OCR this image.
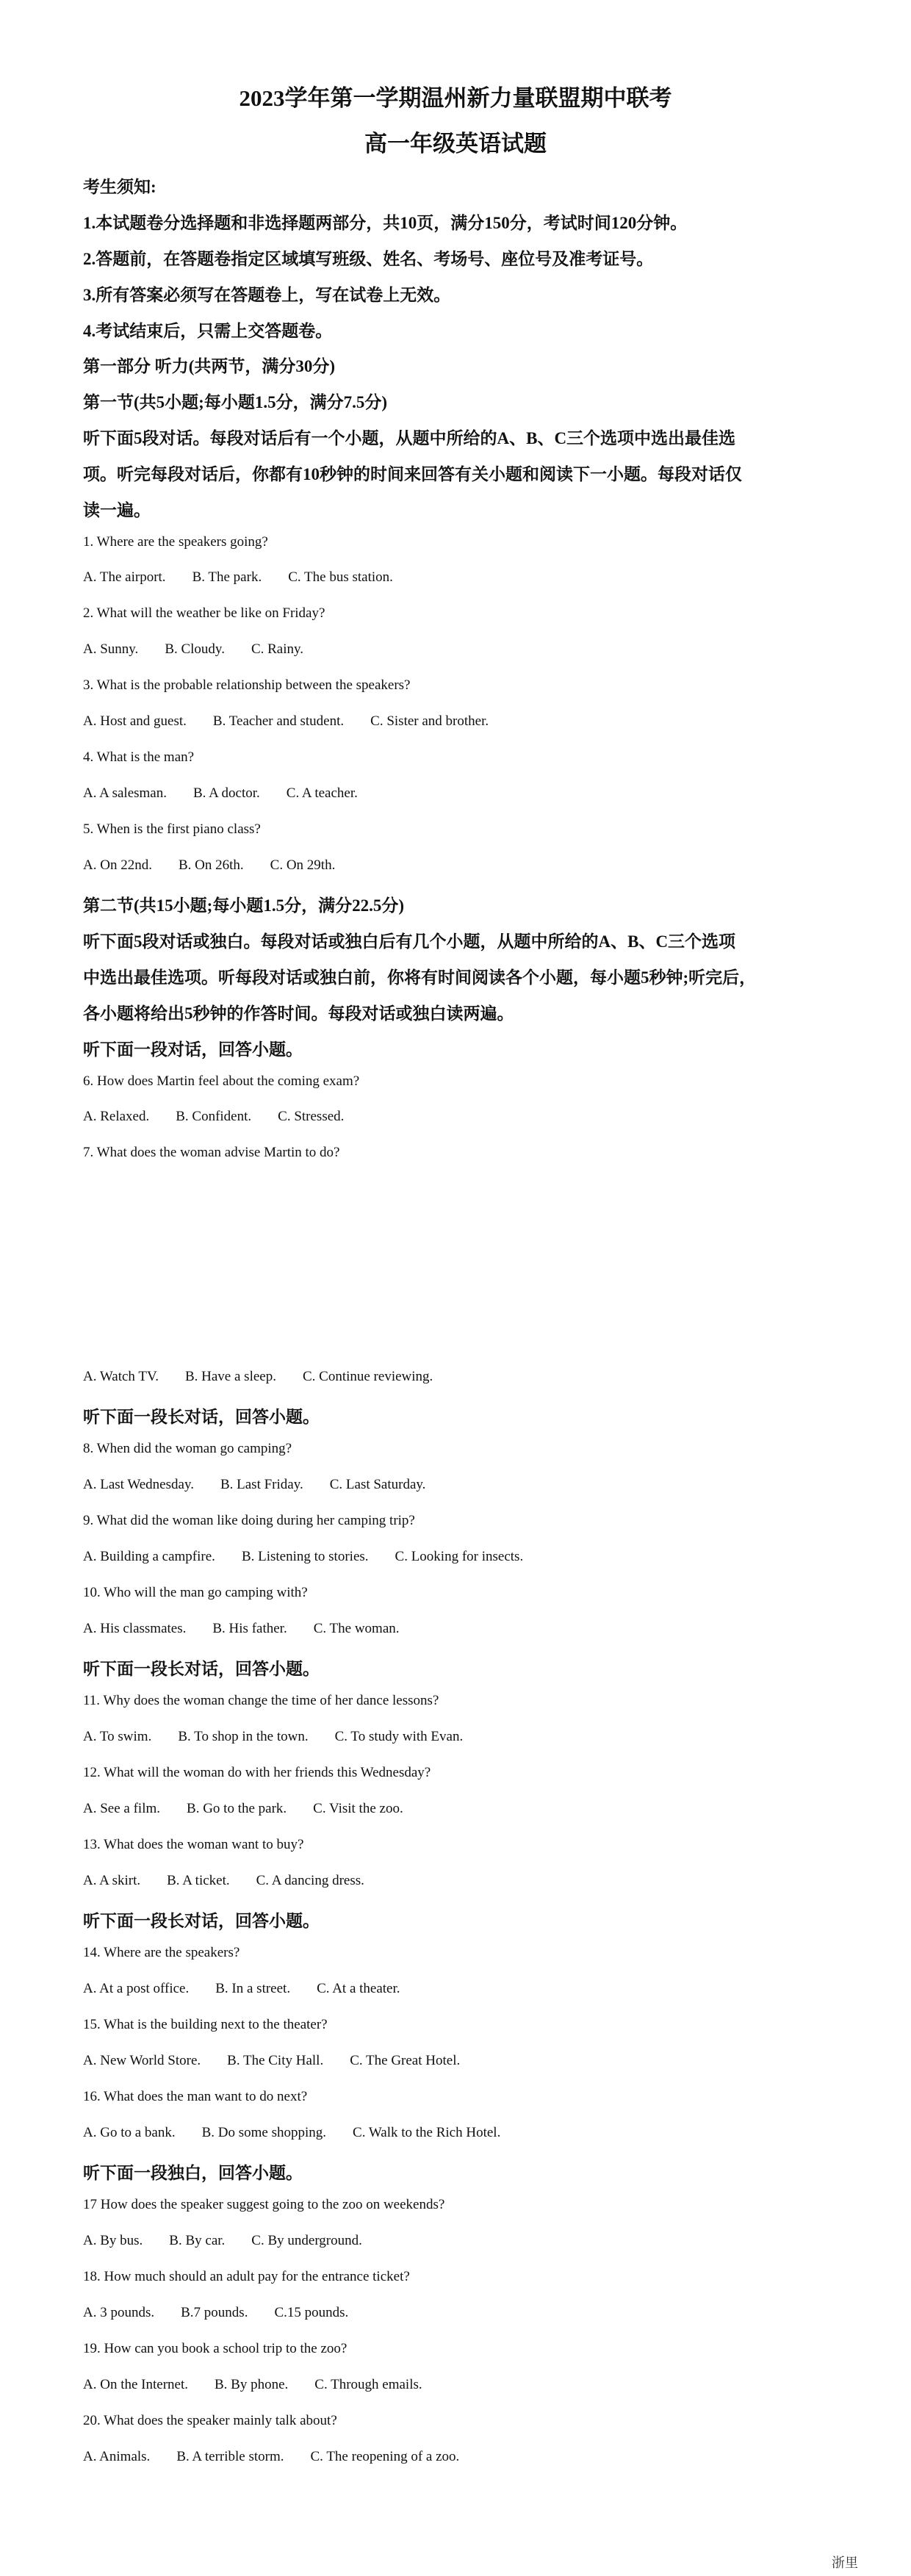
2023学年第一学期温州新力量联盟期中联考
高一年级英语试题
考生须知:
1.本试题卷分选择题和非选择题两部分，共10页，满分150分，考试时间120分钟。
2.答题前，在答题卷指定区域填写班级、姓名、考场号、座位号及准考证号。
3.所有答案必须写在答题卷上，写在试卷上无效。
4.考试结束后，只需上交答题卷。
第一部分 听力(共两节，满分30分)
第一节(共5小题;每小题1.5分，满分7.5分)
听下面5段对话。每段对话后有一个小题，从题中所给的A、B、C三个选项中选出最佳选
项。听完每段对话后，你都有10秒钟的时间来回答有关小题和阅读下一小题。每段对话仅
读一遍。
1. Where are the speakers going?
A. The airport. B. The park. C. The bus station.
2. What will the weather be like on Friday?
A. Sunny. B. Cloudy. C. Rainy.
3. What is the probable relationship between the speakers?
A. Host and guest. B. Teacher and student. C. Sister and brother.
4. What is the man?
A. A salesman. B. A doctor. C. A teacher.
5. When is the first piano class?
A. On 22nd. B. On 26th. C. On 29th.
第二节(共15小题;每小题1.5分，满分22.5分)
听下面5段对话或独白。每段对话或独白后有几个小题，从题中所给的A、B、C三个选项
中选出最佳选项。听每段对话或独白前，你将有时间阅读各个小题，每小题5秒钟;听完后，
各小题将给出5秒钟的作答时间。每段对话或独白读两遍。
听下面一段对话，回答小题。
6. How does Martin feel about the coming exam?
A. Relaxed. B. Confident. C. Stressed.
7. What does the woman advise Martin to do?
A. Watch TV. B. Have a sleep. C. Continue reviewing.
听下面一段长对话，回答小题。
8. When did the woman go camping?
A. Last Wednesday. B. Last Friday. C. Last Saturday.
9. What did the woman like doing during her camping trip?
A. Building a campfire. B. Listening to stories. C. Looking for insects.
10. Who will the man go camping with?
A. His classmates. B. His father. C. The woman.
听下面一段长对话，回答小题。
11. Why does the woman change the time of her dance lessons?
A. To swim. B. To shop in the town. C. To study with Evan.
12. What will the woman do with her friends this Wednesday?
A. See a film. B. Go to the park. C. Visit the zoo.
13. What does the woman want to buy?
A. A skirt. B. A ticket. C. A dancing dress.
听下面一段长对话，回答小题。
14. Where are the speakers?
A. At a post office. B. In a street. C. At a theater.
15. What is the building next to the theater?
A. New World Store. B. The City Hall. C. The Great Hotel.
16. What does the man want to do next?
A. Go to a bank. B. Do some shopping. C. Walk to the Rich Hotel.
听下面一段独白，回答小题。
17 How does the speaker suggest going to the zoo on weekends?
A. By bus. B. By car. C. By underground.
18. How much should an adult pay for the entrance ticket?
A. 3 pounds. B.7 pounds. C.15 pounds.
19. How can you book a school trip to the zoo?
A. On the Internet. B. By phone. C. Through emails.
20. What does the speaker mainly talk about?
A. Animals. B. A terrible storm. C. The reopening of a zoo.
浙里
